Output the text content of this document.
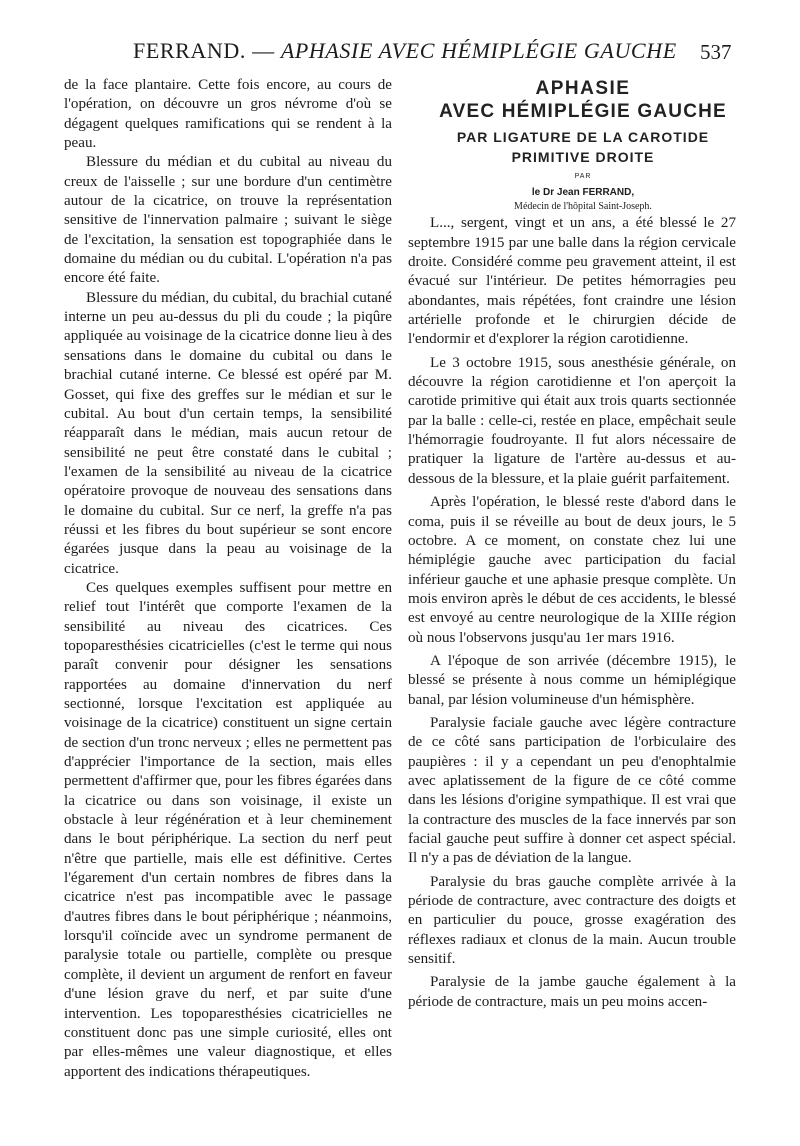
FERRAND. — APHASIE AVEC HÉMIPLÉGIE GAUCHE 537

de la face plantaire. Cette fois encore, au cours de l'opération, on découvre un gros névrome d'où se dégagent quelques ramifications qui se rendent à la peau.

Blessure du médian et du cubital au niveau du creux de l'aisselle ; sur une bordure d'un centimètre autour de la cicatrice, on trouve la représentation sensitive de l'innervation palmaire ; suivant le siège de l'excitation, la sensation est topographiée dans le domaine du médian ou du cubital. L'opération n'a pas encore été faite.

Blessure du médian, du cubital, du brachial cutané interne un peu au-dessus du pli du coude ; la piqûre appliquée au voisinage de la cicatrice donne lieu à des sensations dans le domaine du cubital ou dans le brachial cutané interne. Ce blessé est opéré par M. Gosset, qui fixe des greffes sur le médian et sur le cubital. Au bout d'un certain temps, la sensibilité réapparaît dans le médian, mais aucun retour de sensibilité ne peut être constaté dans le cubital ; l'examen de la sensibilité au niveau de la cicatrice opératoire provoque de nouveau des sensations dans le domaine du cubital. Sur ce nerf, la greffe n'a pas réussi et les fibres du bout supérieur se sont encore égarées jusque dans la peau au voisinage de la cicatrice.

Ces quelques exemples suffisent pour mettre en relief tout l'intérêt que comporte l'examen de la sensibilité au niveau des cicatrices. Ces topoparesthésies cicatricielles (c'est le terme qui nous paraît convenir pour désigner les sensations rapportées au domaine d'innervation du nerf sectionné, lorsque l'excitation est appliquée au voisinage de la cicatrice) constituent un signe certain de section d'un tronc nerveux ; elles ne permettent pas d'apprécier l'importance de la section, mais elles permettent d'affirmer que, pour les fibres égarées dans la cicatrice ou dans son voisinage, il existe un obstacle à leur régénération et à leur cheminement dans le bout périphérique. La section du nerf peut n'être que partielle, mais elle est définitive. Certes l'égarement d'un certain nombres de fibres dans la cicatrice n'est pas incompatible avec le passage d'autres fibres dans le bout périphérique ; néanmoins, lorsqu'il coïncide avec un syndrome permanent de paralysie totale ou partielle, complète ou presque complète, il devient un argument de renfort en faveur d'une lésion grave du nerf, et par suite d'une intervention. Les topoparesthésies cicatricielles ne constituent donc pas une simple curiosité, elles ont par elles-mêmes une valeur diagnostique, et elles apportent des indications thérapeutiques.

APHASIE

AVEC HÉMIPLÉGIE GAUCHE

PAR LIGATURE DE LA CAROTIDE

PRIMITIVE DROITE

PAR

le Dr Jean FERRAND,

Médecin de l'hôpital Saint-Joseph.

L..., sergent, vingt et un ans, a été blessé le 27 septembre 1915 par une balle dans la région cervicale droite. Considéré comme peu gravement atteint, il est évacué sur l'intérieur. De petites hémorragies peu abondantes, mais répétées, font craindre une lésion artérielle profonde et le chirurgien décide de l'endormir et d'explorer la région carotidienne.

Le 3 octobre 1915, sous anesthésie générale, on découvre la région carotidienne et l'on aperçoit la carotide primitive qui était aux trois quarts sectionnée par la balle : celle-ci, restée en place, empêchait seule l'hémorragie foudroyante. Il fut alors nécessaire de pratiquer la ligature de l'artère au-dessus et au-dessous de la blessure, et la plaie guérit parfaitement.

Après l'opération, le blessé reste d'abord dans le coma, puis il se réveille au bout de deux jours, le 5 octobre. A ce moment, on constate chez lui une hémiplégie gauche avec participation du facial inférieur gauche et une aphasie presque complète. Un mois environ après le début de ces accidents, le blessé est envoyé au centre neurologique de la XIIIe région où nous l'observons jusqu'au 1er mars 1916.

A l'époque de son arrivée (décembre 1915), le blessé se présente à nous comme un hémiplégique banal, par lésion volumineuse d'un hémisphère.

Paralysie faciale gauche avec légère contracture de ce côté sans participation de l'orbiculaire des paupières : il y a cependant un peu d'enophtalmie avec aplatissement de la figure de ce côté comme dans les lésions d'origine sympathique. Il est vrai que la contracture des muscles de la face innervés par son facial gauche peut suffire à donner cet aspect spécial. Il n'y a pas de déviation de la langue.

Paralysie du bras gauche complète arrivée à la période de contracture, avec contracture des doigts et en particulier du pouce, grosse exagération des réflexes radiaux et clonus de la main. Aucun trouble sensitif.

Paralysie de la jambe gauche également à la période de contracture, mais un peu moins accen-
